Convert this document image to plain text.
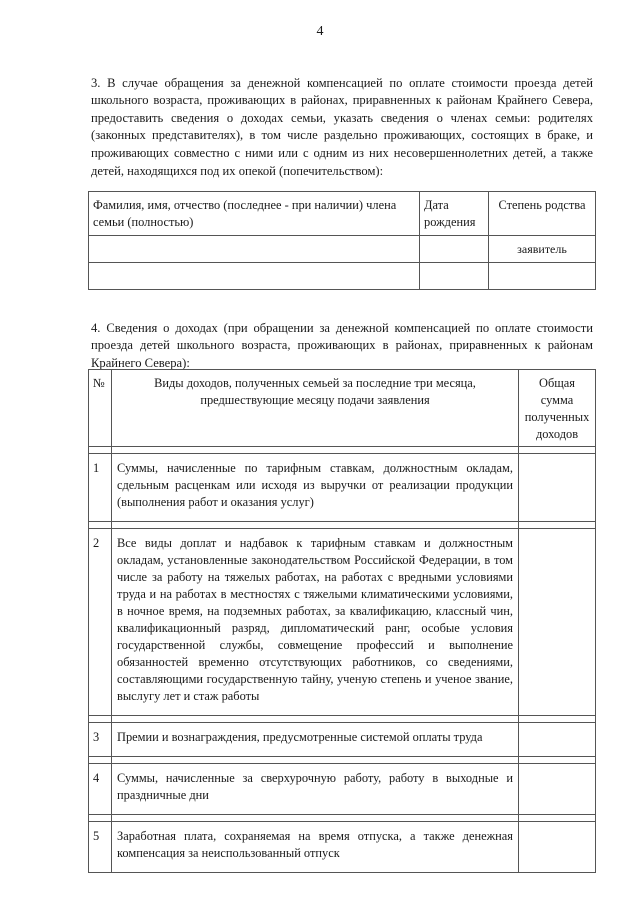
4

3. В случае обращения за денежной компенсацией по оплате стоимости проезда детей школьного возраста, проживающих в районах, приравненных к районам Крайнего Севера, предоставить сведения о доходах семьи, указать сведения о членах семьи: родителях (законных представителях), в том числе раздельно проживающих, состоящих в браке, и проживающих совместно с ними или с одним из них несовершеннолетних детей, а также детей, находящихся под их опекой (попечительством):

Фамилия, имя, отчество (последнее - при наличии) члена семьи (полностью)	Дата рождения	Степень родства
		заявитель

4. Сведения о доходах (при обращении за денежной компенсацией по оплате стоимости проезда детей школьного возраста, проживающих в районах, приравненных к районам Крайнего Севера):

№	Виды доходов, полученных семьей за последние три месяца, предшествующие месяцу подачи заявления	Общая сумма полученных доходов

1	Суммы, начисленные по тарифным ставкам, должностным окладам, сдельным расценкам или исходя из выручки от реализации продукции (выполнения работ и оказания услуг)	

2	Все виды доплат и надбавок к тарифным ставкам и должностным окладам, установленные законодательством Российской Федерации, в том числе за работу на тяжелых работах, на работах с вредными условиями труда и на работах в местностях с тяжелыми климатическими условиями, в ночное время, на подземных работах, за квалификацию, классный чин, квалификационный разряд, дипломатический ранг, особые условия государственной службы, совмещение профессий и выполнение обязанностей временно отсутствующих работников, со сведениями, составляющими государственную тайну, ученую степень и ученое звание, выслугу лет и стаж работы	

3	Премии и вознаграждения, предусмотренные системой оплаты труда	

4	Суммы, начисленные за сверхурочную работу, работу в выходные и праздничные дни	

5	Заработная плата, сохраняемая на время отпуска, а также денежная компенсация за неиспользованный отпуск	
